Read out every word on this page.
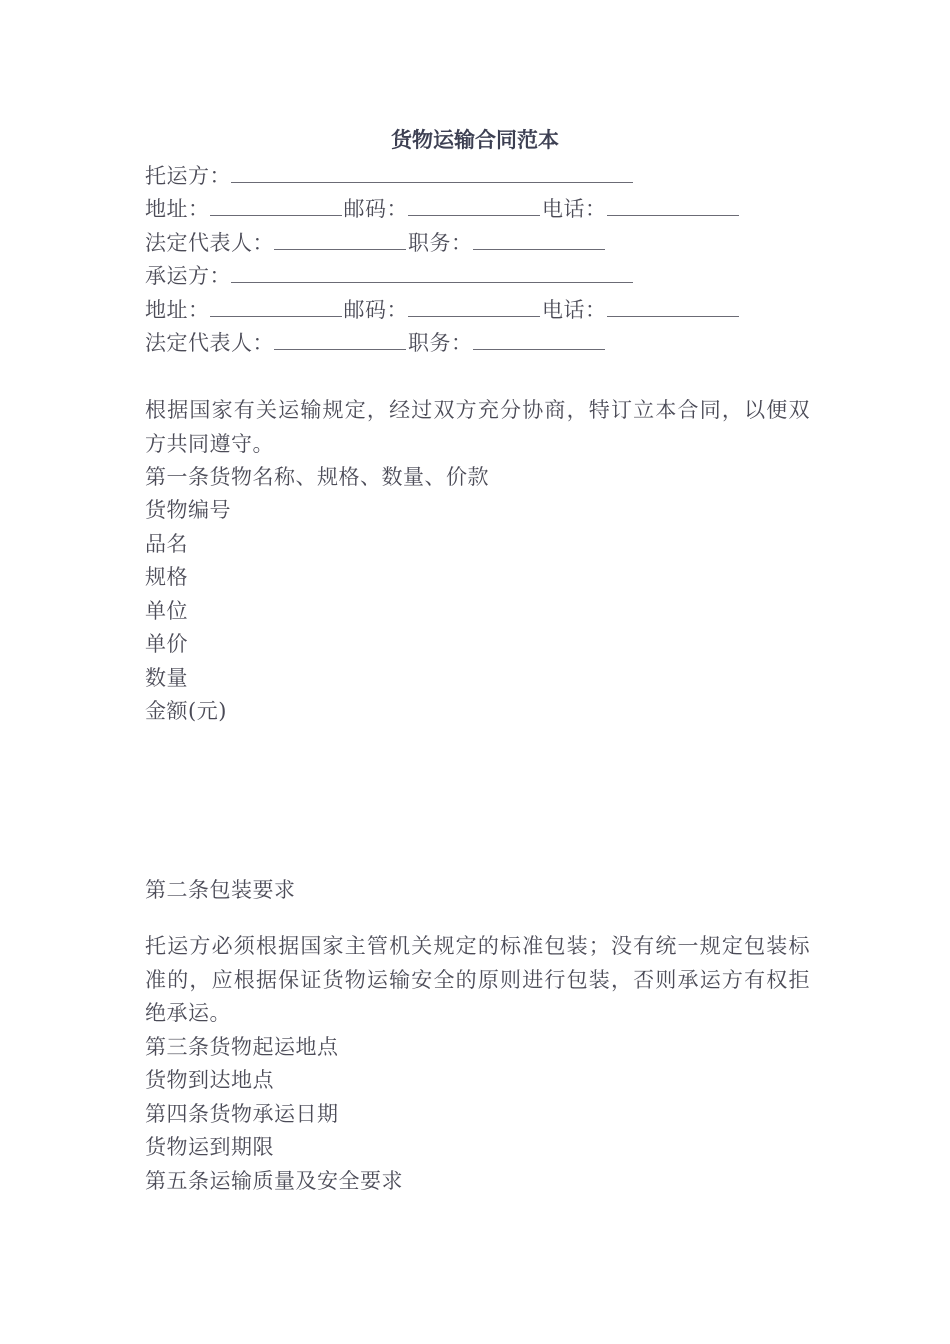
货物运输合同范本
托运方：
地址：	邮码：	电话：
法定代表人：	职务：
承运方：
地址：	邮码：	电话：
法定代表人：	职务：
根据国家有关运输规定，经过双方充分协商，特订立本合同，以便双方共同遵守。
第一条货物名称、规格、数量、价款
货物编号
品名
规格
单位
单价
数量
金额(元)
第二条包装要求
托运方必须根据国家主管机关规定的标准包装；没有统一规定包装标准的，应根据保证货物运输安全的原则进行包装，否则承运方有权拒绝承运。
第三条货物起运地点
货物到达地点
第四条货物承运日期
货物运到期限
第五条运输质量及安全要求
